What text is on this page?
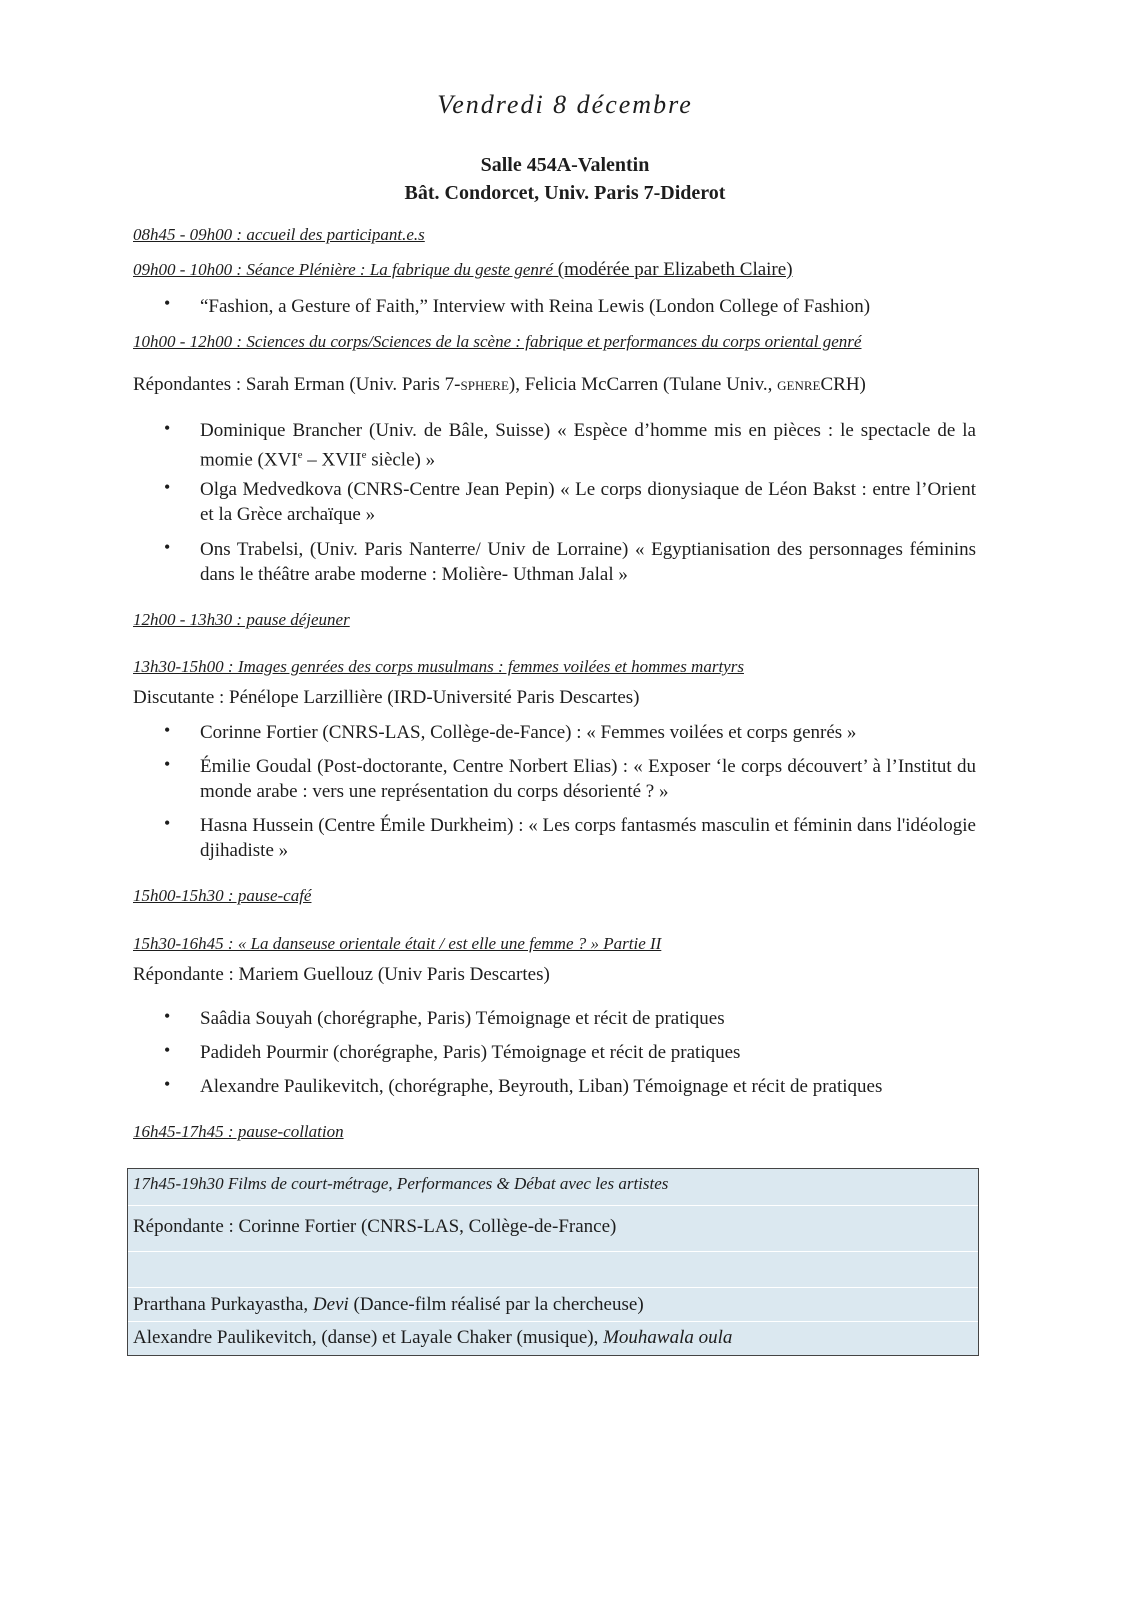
Vendredi 8 décembre
Salle 454A-Valentin
Bât. Condorcet, Univ. Paris 7-Diderot
08h45 - 09h00 : accueil des participant.e.s
09h00 - 10h00 : Séance Plénière : La fabrique du geste genré (modérée par Elizabeth Claire)
• “Fashion, a Gesture of Faith,” Interview with Reina Lewis (London College of Fashion)
10h00 - 12h00 : Sciences du corps/Sciences de la scène : fabrique et performances du corps oriental genré
Répondantes : Sarah Erman (Univ. Paris 7-sphere), Felicia McCarren (Tulane Univ., genreCRH)
• Dominique Brancher (Univ. de Bâle, Suisse) « Espèce d’homme mis en pièces : le spectacle de la momie (XVIe – XVIIe siècle) »
• Olga Medvedkova (CNRS-Centre Jean Pepin) « Le corps dionysiaque de Léon Bakst : entre l’Orient et la Grèce archaïque »
• Ons Trabelsi, (Univ. Paris Nanterre/ Univ de Lorraine) « Egyptianisation des personnages féminins dans le théâtre arabe moderne : Molière- Uthman Jalal »
12h00 - 13h30 : pause déjeuner
13h30-15h00 : Images genrées des corps musulmans : femmes voilées et hommes martyrs
Discutante : Pénélope Larzillière (IRD-Université Paris Descartes)
• Corinne Fortier (CNRS-LAS, Collège-de-Fance) : « Femmes voilées et corps genrés »
• Émilie Goudal (Post-doctorante, Centre Norbert Elias) : « Exposer ‘le corps découvert’ à l’Institut du monde arabe : vers une représentation du corps désorienté ? »
• Hasna Hussein (Centre Émile Durkheim) : « Les corps fantasmés masculin et féminin dans l'idéologie djihadiste »
15h00-15h30 : pause-café
15h30-16h45 : « La danseuse orientale était / est elle une femme ? » Partie II
Répondante : Mariem Guellouz (Univ Paris Descartes)
• Saâdia Souyah (chorégraphe, Paris) Témoignage et récit de pratiques
• Padideh Pourmir (chorégraphe, Paris) Témoignage et récit de pratiques
• Alexandre Paulikevitch, (chorégraphe, Beyrouth, Liban) Témoignage et récit de pratiques
16h45-17h45 : pause-collation
17h45-19h30 Films de court-métrage, Performances & Débat avec les artistes
Répondante : Corinne Fortier (CNRS-LAS, Collège-de-France)
Prarthana Purkayastha, Devi (Dance-film réalisé par la chercheuse)
Alexandre Paulikevitch, (danse) et Layale Chaker (musique), Mouhawala oula
